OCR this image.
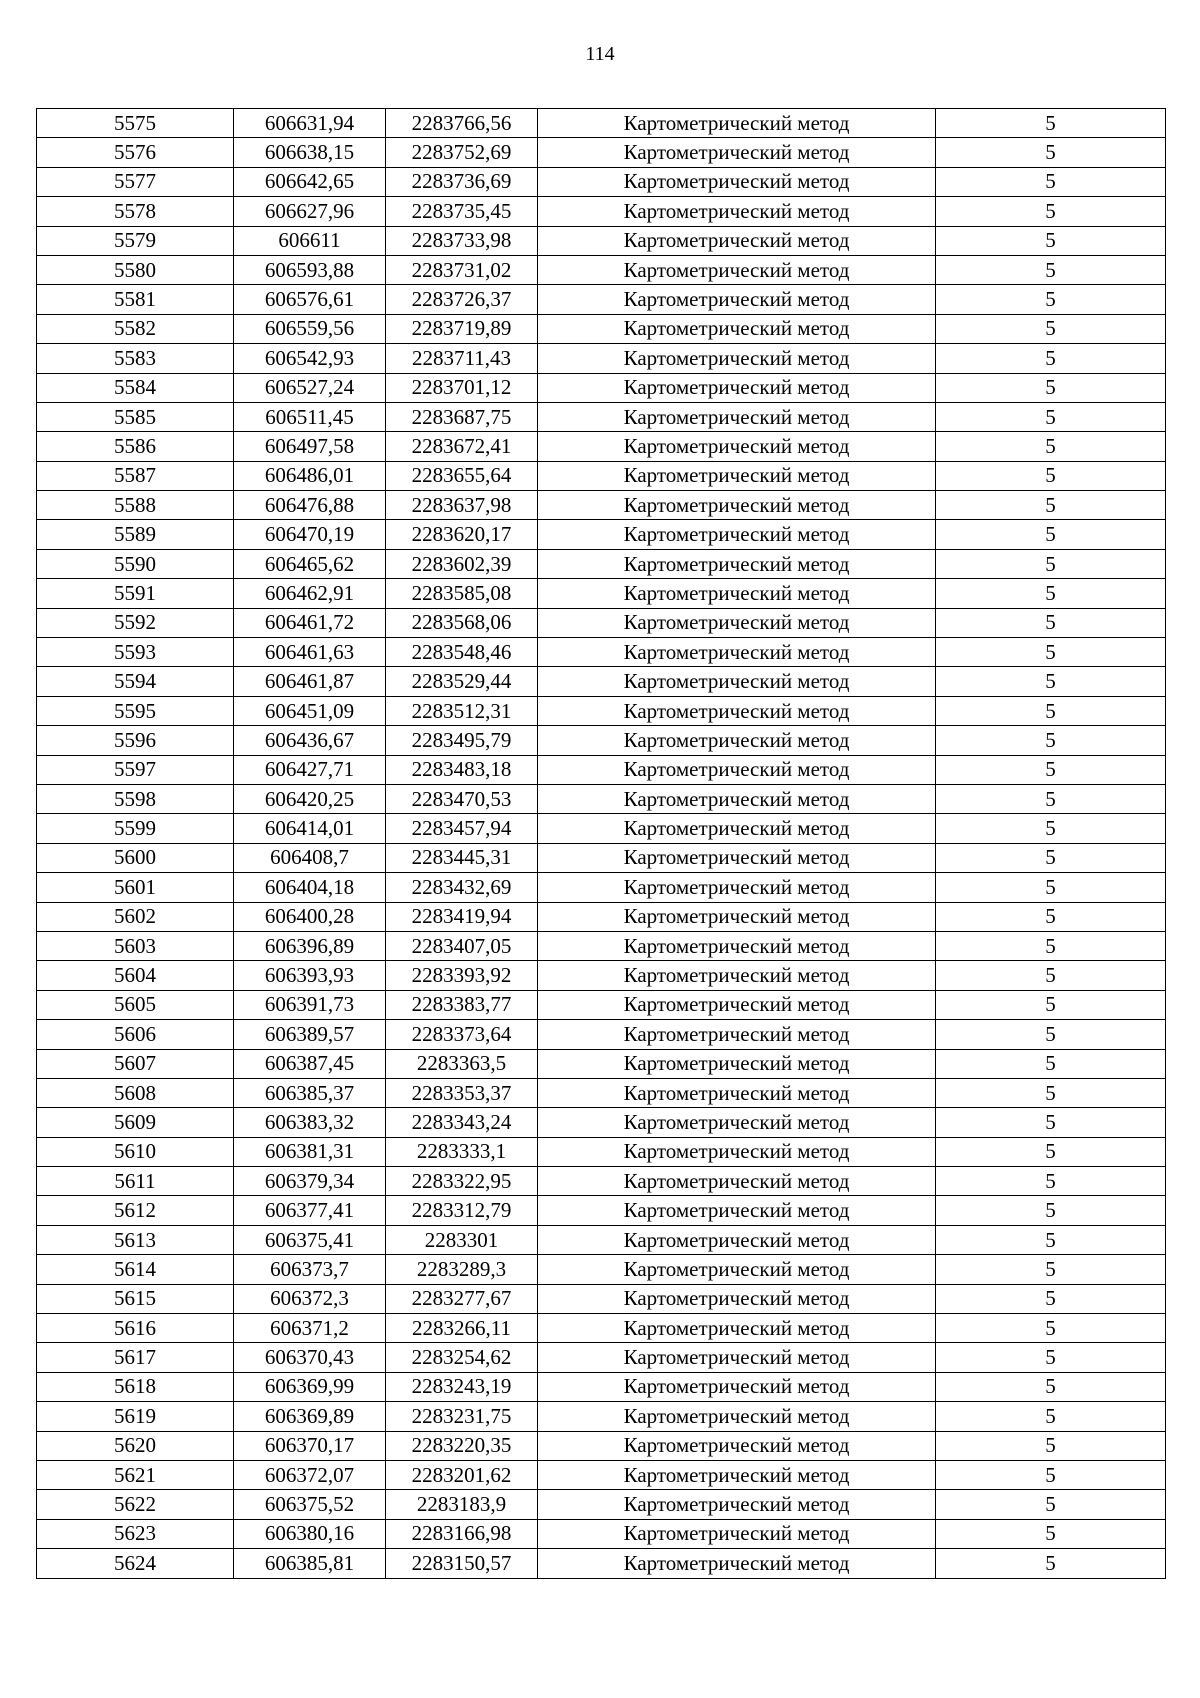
114
5575	606631,94	2283766,56	Картометрический метод	5
5576	606638,15	2283752,69	Картометрический метод	5
5577	606642,65	2283736,69	Картометрический метод	5
5578	606627,96	2283735,45	Картометрический метод	5
5579	606611	2283733,98	Картометрический метод	5
5580	606593,88	2283731,02	Картометрический метод	5
5581	606576,61	2283726,37	Картометрический метод	5
5582	606559,56	2283719,89	Картометрический метод	5
5583	606542,93	2283711,43	Картометрический метод	5
5584	606527,24	2283701,12	Картометрический метод	5
5585	606511,45	2283687,75	Картометрический метод	5
5586	606497,58	2283672,41	Картометрический метод	5
5587	606486,01	2283655,64	Картометрический метод	5
5588	606476,88	2283637,98	Картометрический метод	5
5589	606470,19	2283620,17	Картометрический метод	5
5590	606465,62	2283602,39	Картометрический метод	5
5591	606462,91	2283585,08	Картометрический метод	5
5592	606461,72	2283568,06	Картометрический метод	5
5593	606461,63	2283548,46	Картометрический метод	5
5594	606461,87	2283529,44	Картометрический метод	5
5595	606451,09	2283512,31	Картометрический метод	5
5596	606436,67	2283495,79	Картометрический метод	5
5597	606427,71	2283483,18	Картометрический метод	5
5598	606420,25	2283470,53	Картометрический метод	5
5599	606414,01	2283457,94	Картометрический метод	5
5600	606408,7	2283445,31	Картометрический метод	5
5601	606404,18	2283432,69	Картометрический метод	5
5602	606400,28	2283419,94	Картометрический метод	5
5603	606396,89	2283407,05	Картометрический метод	5
5604	606393,93	2283393,92	Картометрический метод	5
5605	606391,73	2283383,77	Картометрический метод	5
5606	606389,57	2283373,64	Картометрический метод	5
5607	606387,45	2283363,5	Картометрический метод	5
5608	606385,37	2283353,37	Картометрический метод	5
5609	606383,32	2283343,24	Картометрический метод	5
5610	606381,31	2283333,1	Картометрический метод	5
5611	606379,34	2283322,95	Картометрический метод	5
5612	606377,41	2283312,79	Картометрический метод	5
5613	606375,41	2283301	Картометрический метод	5
5614	606373,7	2283289,3	Картометрический метод	5
5615	606372,3	2283277,67	Картометрический метод	5
5616	606371,2	2283266,11	Картометрический метод	5
5617	606370,43	2283254,62	Картометрический метод	5
5618	606369,99	2283243,19	Картометрический метод	5
5619	606369,89	2283231,75	Картометрический метод	5
5620	606370,17	2283220,35	Картометрический метод	5
5621	606372,07	2283201,62	Картометрический метод	5
5622	606375,52	2283183,9	Картометрический метод	5
5623	606380,16	2283166,98	Картометрический метод	5
5624	606385,81	2283150,57	Картометрический метод	5
